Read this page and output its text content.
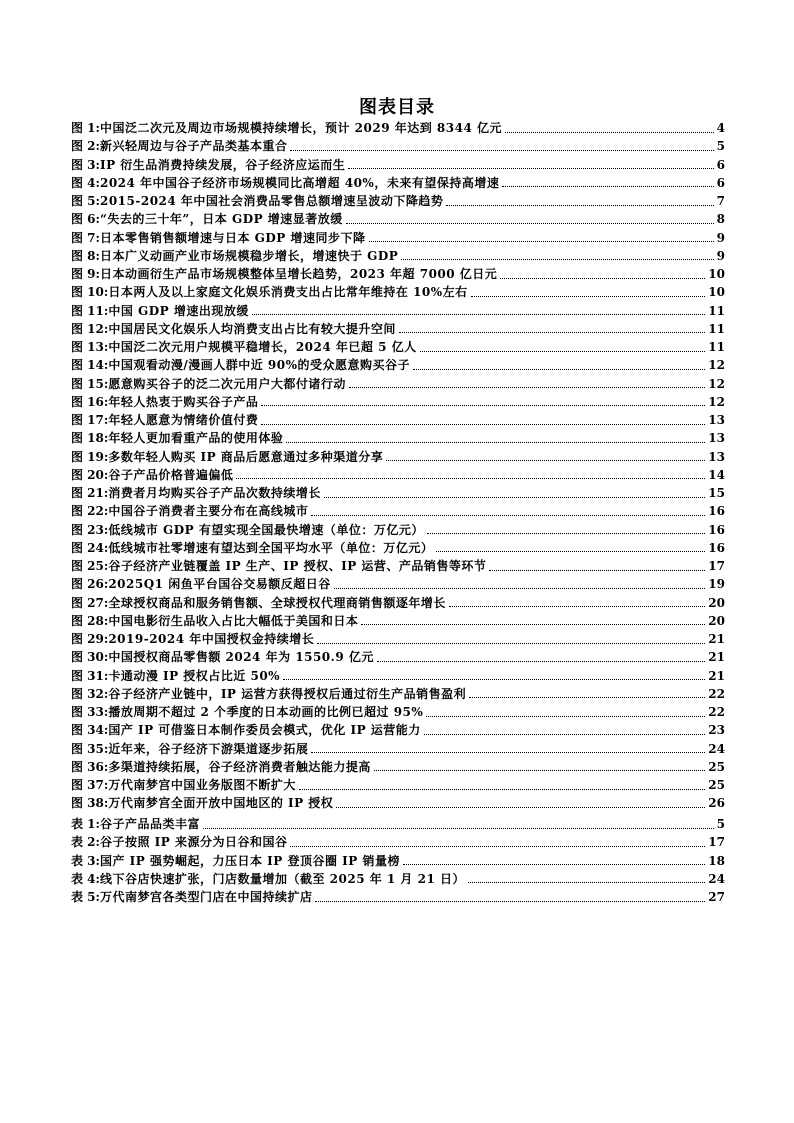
图表目录
图 1: 中国泛二次元及周边市场规模持续增长，预计 2029 年达到 8344 亿元	4
图 2: 新兴轻周边与谷子产品类基本重合	5
图 3: IP 衍生品消费持续发展，谷子经济应运而生	6
图 4: 2024 年中国谷子经济市场规模同比高增超 40%，未来有望保持高增速	6
图 5: 2015-2024 年中国社会消费品零售总额增速呈波动下降趋势	7
图 6: “失去的三十年”，日本 GDP 增速显著放缓	8
图 7: 日本零售销售额增速与日本 GDP 增速同步下降	9
图 8: 日本广义动画产业市场规模稳步增长，增速快于 GDP	9
图 9: 日本动画衍生产品市场规模整体呈增长趋势，2023 年超 7000 亿日元	10
图 10: 日本两人及以上家庭文化娱乐消费支出占比常年维持在 10%左右	10
图 11: 中国 GDP 增速出现放缓	11
图 12: 中国居民文化娱乐人均消费支出占比有较大提升空间	11
图 13: 中国泛二次元用户规模平稳增长，2024 年已超 5 亿人	11
图 14: 中国观看动漫/漫画人群中近 90%的受众愿意购买谷子	12
图 15: 愿意购买谷子的泛二次元用户大都付诸行动	12
图 16: 年轻人热衷于购买谷子产品	12
图 17: 年轻人愿意为情绪价值付费	13
图 18: 年轻人更加看重产品的使用体验	13
图 19: 多数年轻人购买 IP 商品后愿意通过多种渠道分享	13
图 20: 谷子产品价格普遍偏低	14
图 21: 消费者月均购买谷子产品次数持续增长	15
图 22: 中国谷子消费者主要分布在高线城市	16
图 23: 低线城市 GDP 有望实现全国最快增速（单位：万亿元）	16
图 24: 低线城市社零增速有望达到全国平均水平（单位：万亿元）	16
图 25: 谷子经济产业链覆盖 IP 生产、IP 授权、IP 运营、产品销售等环节	17
图 26: 2025Q1 闲鱼平台国谷交易额反超日谷	19
图 27: 全球授权商品和服务销售额、全球授权代理商销售额逐年增长	20
图 28: 中国电影衍生品收入占比大幅低于美国和日本	20
图 29: 2019-2024 年中国授权金持续增长	21
图 30: 中国授权商品零售额 2024 年为 1550.9 亿元	21
图 31: 卡通动漫 IP 授权占比近 50%	21
图 32: 谷子经济产业链中，IP 运营方获得授权后通过衍生产品销售盈利	22
图 33: 播放周期不超过 2 个季度的日本动画的比例已超过 95%	22
图 34: 国产 IP 可借鉴日本制作委员会模式，优化 IP 运营能力	23
图 35: 近年来，谷子经济下游渠道逐步拓展	24
图 36: 多渠道持续拓展，谷子经济消费者触达能力提高	25
图 37: 万代南梦宫中国业务版图不断扩大	25
图 38: 万代南梦宫全面开放中国地区的 IP 授权	26
表 1: 谷子产品品类丰富	5
表 2: 谷子按照 IP 来源分为日谷和国谷	17
表 3: 国产 IP 强势崛起，力压日本 IP 登顶谷圈 IP 销量榜	18
表 4: 线下谷店快速扩张，门店数量增加（截至 2025 年 1 月 21 日）	24
表 5: 万代南梦宫各类型门店在中国持续扩店	27
